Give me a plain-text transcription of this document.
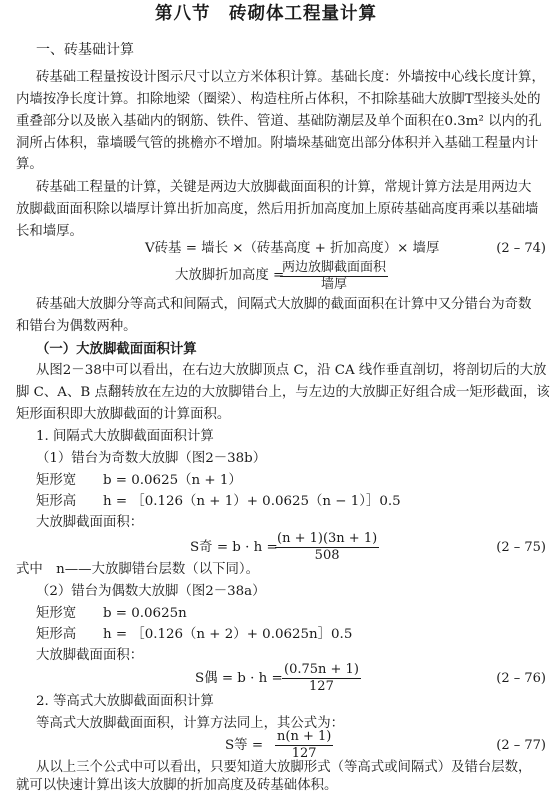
第八节　砖砌体工程量计算
一、砖基础计算
砖基础工程量按设计图示尺寸以立方米体积计算。基础长度：外墙按中心线长度计算，
内墙按净长度计算。扣除地梁（圈梁）、构造柱所占体积，不扣除基础大放脚T型接头处的
重叠部分以及嵌入基础内的钢筋、铁件、管道、基础防潮层及单个面积在0.3m² 以内的孔
洞所占体积，靠墙暖气管的挑檐亦不增加。附墙垛基础宽出部分体积并入基础工程量内计
算。
砖基础工程量的计算，关键是两边大放脚截面面积的计算，常规计算方法是用两边大
放脚截面面积除以墙厚计算出折加高度，然后用折加高度加上原砖基础高度再乘以基础墙
长和墙厚。
V砖基 = 墙长 ×（砖基高度 + 折加高度）× 墙厚	(2 – 74)
大放脚折加高度 =
两边放脚截面面积
墙厚
砖基础大放脚分等高式和间隔式，间隔式大放脚的截面面积在计算中又分错台为奇数
和错台为偶数两种。
（一）大放脚截面面积计算
从图2－38中可以看出，在右边大放脚顶点 C，沿 CA 线作垂直剖切，将剖切后的大放
脚 C、A、B 点翻转放在左边的大放脚错台上，与左边的大放脚正好组合成一矩形截面，该
矩形面积即大放脚截面的计算面积。
1. 间隔式大放脚截面面积计算
（1）错台为奇数大放脚（图2－38b）
矩形宽　　b = 0.0625（n + 1）
矩形高　　h = ［0.126（n + 1）+ 0.0625（n − 1）］0.5
大放脚截面面积：
S奇 = b · h =
$\frac{(n + 1)(3n + 1)}{508}$	(2 – 75)
式中　n——大放脚错台层数（以下同）。
（2）错台为偶数大放脚（图2－38a）
矩形宽　　b = 0.0625n
矩形高　　h = ［0.126（n + 2）+ 0.0625n］0.5
大放脚截面面积：
S偶 = $b \cdot h = \frac{(0.75n + 1)}{127}$	(2 – 76)
2. 等高式大放脚截面面积计算
等高式大放脚截面面积，计算方法同上，其公式为：
S等 = $\frac{n(n + 1)}{127}$	(2 – 77)
从以上三个公式中可以看出，只要知道大放脚形式（等高式或间隔式）及错台层数，
就可以快速计算出该大放脚的折加高度及砖基础体积。
